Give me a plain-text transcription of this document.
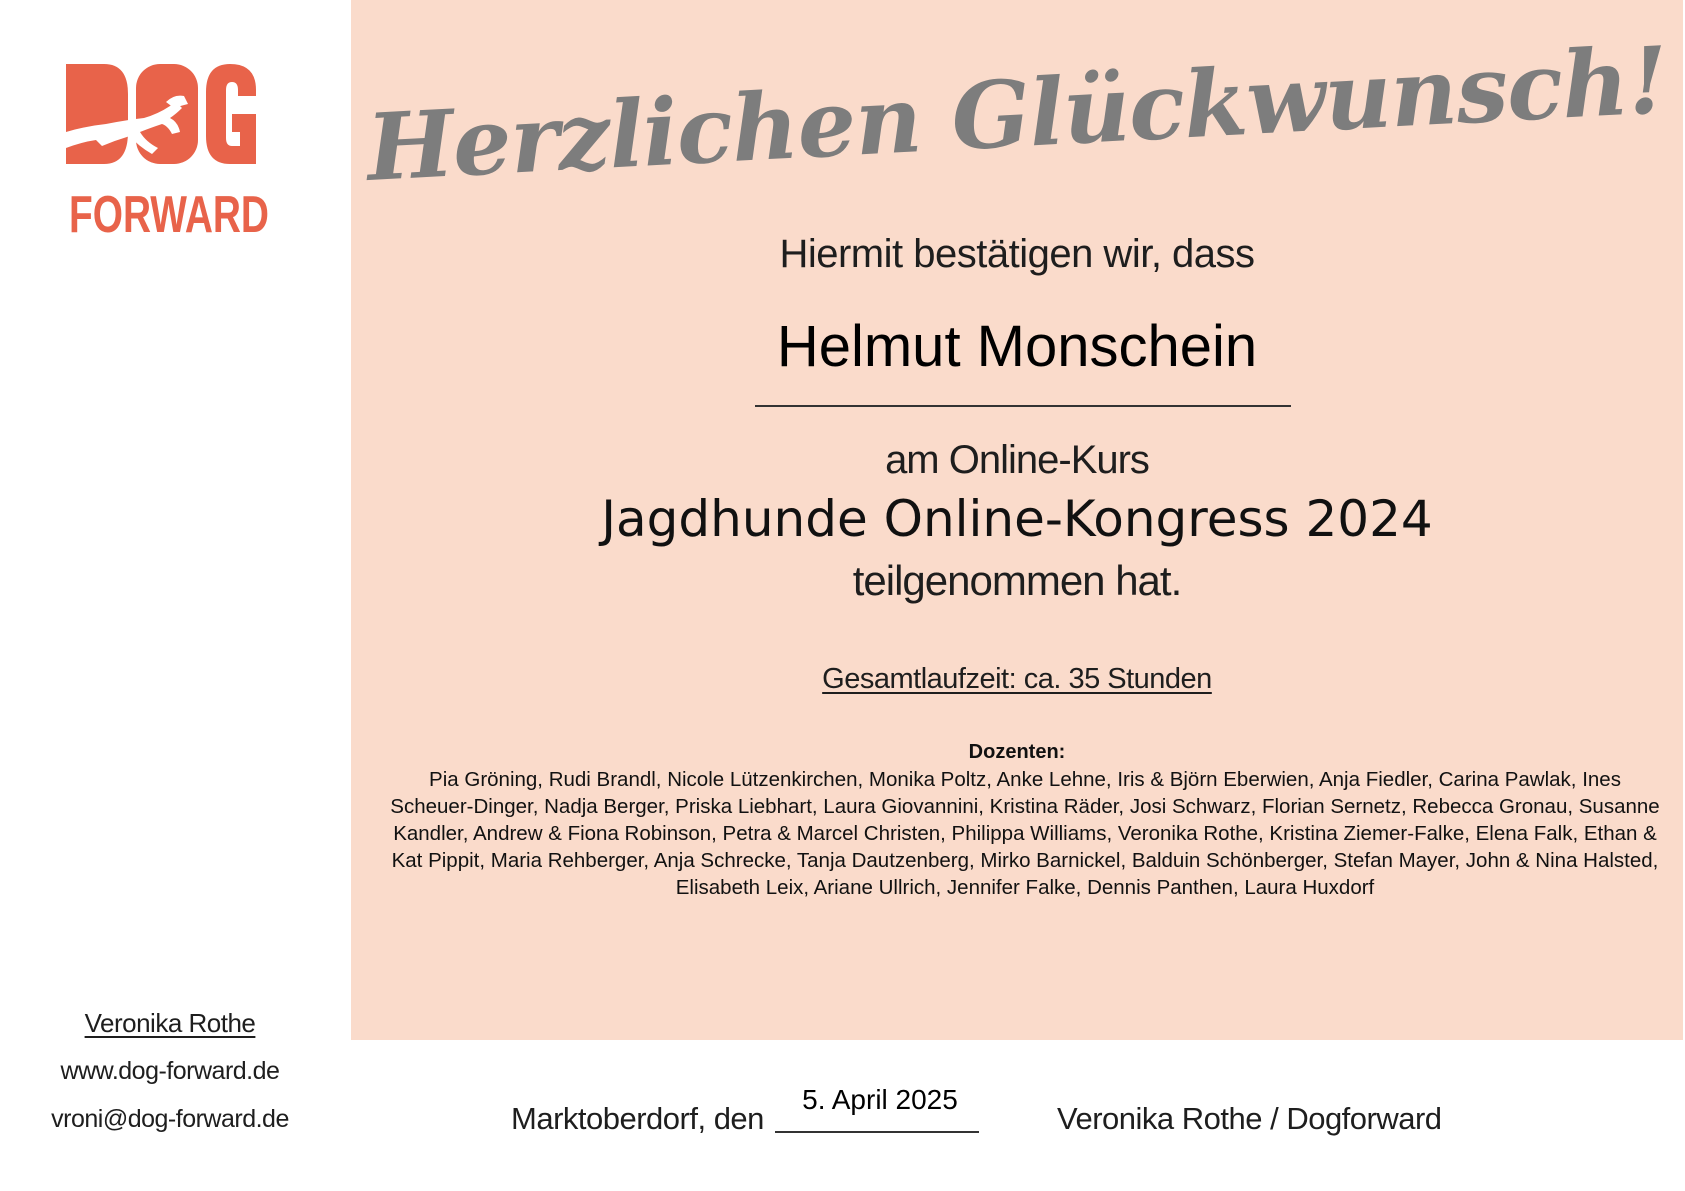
FORWARD
Herzlichen Glückwunsch!
Hiermit bestätigen wir, dass
Helmut Monschein
am Online-Kurs
Jagdhunde Online-Kongress 2024
teilgenommen hat.
Gesamtlaufzeit: ca. 35 Stunden
Dozenten:
Pia Gröning, Rudi Brandl, Nicole Lützenkirchen, Monika Poltz, Anke Lehne, Iris & Björn Eberwien, Anja Fiedler, Carina Pawlak, Ines Scheuer-Dinger, Nadja Berger, Priska Liebhart, Laura Giovannini, Kristina Räder, Josi Schwarz, Florian Sernetz, Rebecca Gronau, Susanne Kandler, Andrew & Fiona Robinson, Petra & Marcel Christen, Philippa Williams, Veronika Rothe, Kristina Ziemer-Falke, Elena Falk, Ethan & Kat Pippit, Maria Rehberger, Anja Schrecke, Tanja Dautzenberg, Mirko Barnickel, Balduin Schönberger, Stefan Mayer, John & Nina Halsted, Elisabeth Leix, Ariane Ullrich, Jennifer Falke, Dennis Panthen, Laura Huxdorf
Veronika Rothe
www.dog-forward.de
vroni@dog-forward.de	Marktoberdorf, den
5. April 2025
Veronika Rothe / Dogforward
